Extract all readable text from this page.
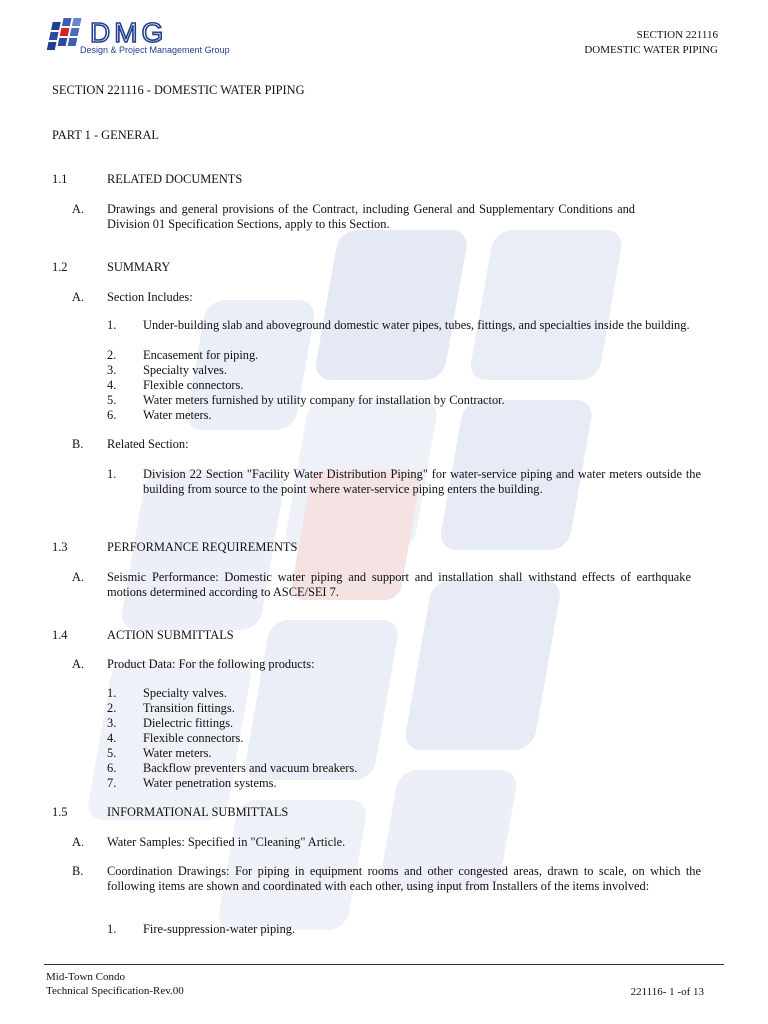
DMG
Design & Project Management Group
SECTION 221116
DOMESTIC WATER PIPING
SECTION 221116 - DOMESTIC WATER PIPING
PART 1 - GENERAL
1.1	RELATED DOCUMENTS
A. Drawings and general provisions of the Contract, including General and Supplementary Conditions and Division 01 Specification Sections, apply to this Section.
1.2	SUMMARY
A. Section Includes:
1. Under-building slab and aboveground domestic water pipes, tubes, fittings, and specialties inside the building.
2. Encasement for piping.
3. Specialty valves.
4. Flexible connectors.
5. Water meters furnished by utility company for installation by Contractor.
6. Water meters.
B. Related Section:
1. Division 22 Section "Facility Water Distribution Piping" for water-service piping and water meters outside the building from source to the point where water-service piping enters the building.
1.3	PERFORMANCE REQUIREMENTS
A. Seismic Performance: Domestic water piping and support and installation shall withstand effects of earthquake motions determined according to ASCE/SEI 7.
1.4	ACTION SUBMITTALS
A. Product Data: For the following products:
1. Specialty valves.
2. Transition fittings.
3. Dielectric fittings.
4. Flexible connectors.
5. Water meters.
6. Backflow preventers and vacuum breakers.
7. Water penetration systems.
1.5	INFORMATIONAL SUBMITTALS
A. Water Samples: Specified in "Cleaning" Article.
B. Coordination Drawings: For piping in equipment rooms and other congested areas, drawn to scale, on which the following items are shown and coordinated with each other, using input from Installers of the items involved:
1. Fire-suppression-water piping.
Mid-Town Condo
Technical Specification-Rev.00	221116- 1 -of 13
